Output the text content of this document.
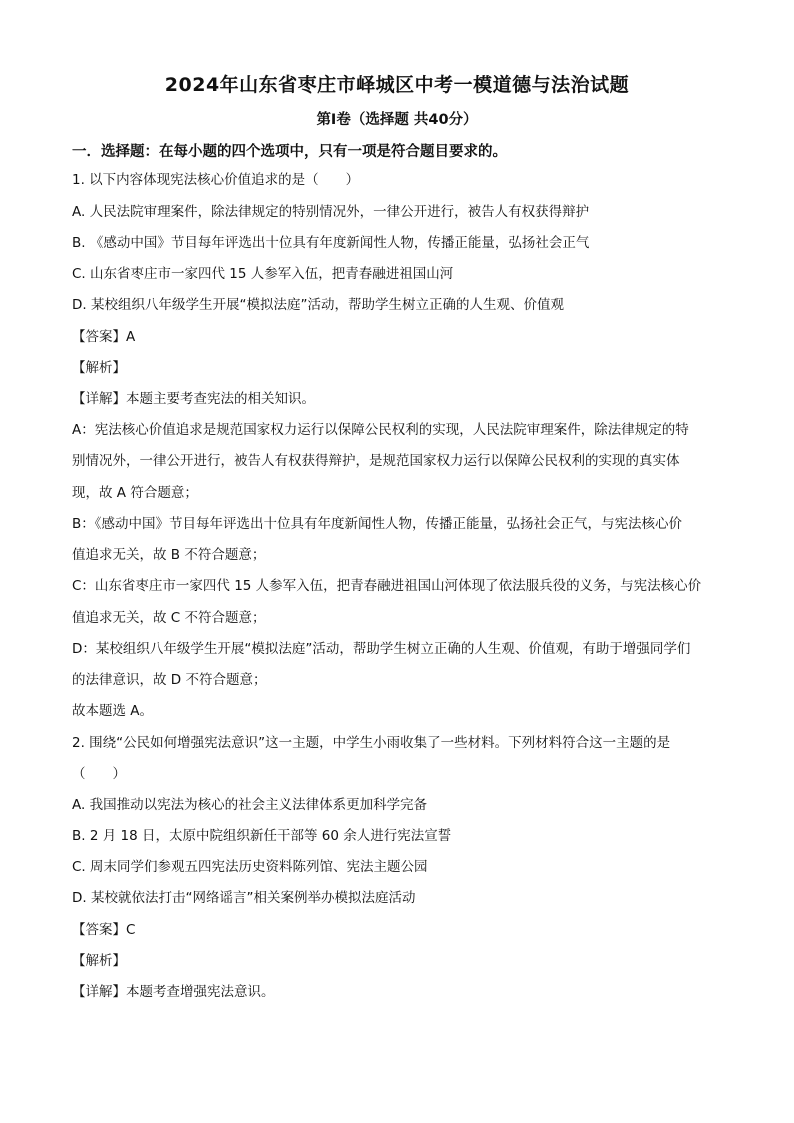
2024年山东省枣庄市峄城区中考一模道德与法治试题
第Ⅰ卷（选择题 共40分）
一．选择题：在每小题的四个选项中，只有一项是符合题目要求的。
1. 以下内容体现宪法核心价值追求的是（　　）
A. 人民法院审理案件，除法律规定的特别情况外，一律公开进行，被告人有权获得辩护
B. 《感动中国》节目每年评选出十位具有年度新闻性人物，传播正能量，弘扬社会正气
C. 山东省枣庄市一家四代 15 人参军入伍，把青春融进祖国山河
D. 某校组织八年级学生开展“模拟法庭”活动，帮助学生树立正确的人生观、价值观
【答案】A
【解析】
【详解】本题主要考查宪法的相关知识。
A：宪法核心价值追求是规范国家权力运行以保障公民权利的实现，人民法院审理案件，除法律规定的特
别情况外，一律公开进行，被告人有权获得辩护，是规范国家权力运行以保障公民权利的实现的真实体
现，故 A 符合题意；
B：《感动中国》节目每年评选出十位具有年度新闻性人物，传播正能量，弘扬社会正气，与宪法核心价
值追求无关，故 B 不符合题意；
C：山东省枣庄市一家四代 15 人参军入伍，把青春融进祖国山河体现了依法服兵役的义务，与宪法核心价
值追求无关，故 C 不符合题意；
D：某校组织八年级学生开展“模拟法庭”活动，帮助学生树立正确的人生观、价值观，有助于增强同学们
的法律意识，故 D 不符合题意；
故本题选 A。
2. 围绕“公民如何增强宪法意识”这一主题，中学生小雨收集了一些材料。下列材料符合这一主题的是
（　　）
A. 我国推动以宪法为核心的社会主义法律体系更加科学完备
B. 2 月 18 日，太原中院组织新任干部等 60 余人进行宪法宣誓
C. 周末同学们参观五四宪法历史资料陈列馆、宪法主题公园
D. 某校就依法打击“网络谣言”相关案例举办模拟法庭活动
【答案】C
【解析】
【详解】本题考查增强宪法意识。
